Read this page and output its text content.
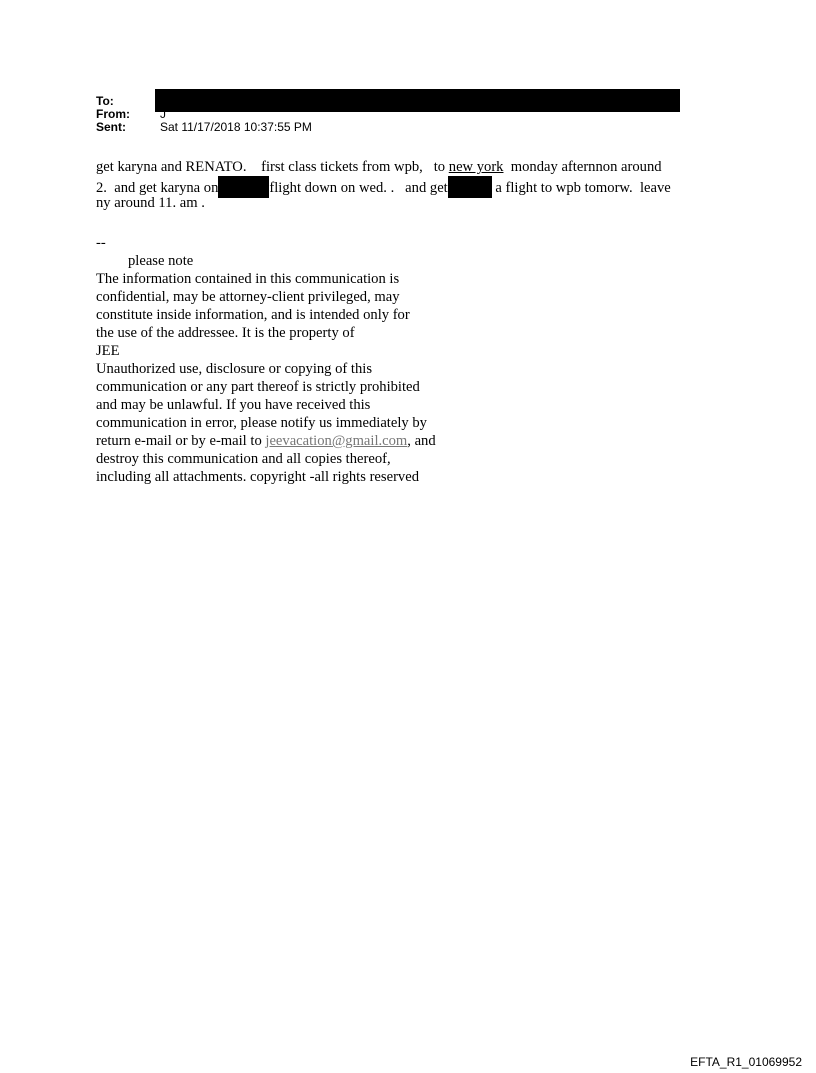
To:
From:	J
Sent:	Sat 11/17/2018 10:37:55 PM
get karyna and RENATO.    first class tickets from wpb,   to new york  monday afternnon around
2.  and get karyna on	flight down on wed. .   and get	a flight to wpb tomorw.  leave
ny around 11. am .
--
please note
The information contained in this communication is
confidential, may be attorney-client privileged, may
constitute inside information, and is intended only for
the use of the addressee. It is the property of
JEE
Unauthorized use, disclosure or copying of this
communication or any part thereof is strictly prohibited
and may be unlawful. If you have received this
communication in error, please notify us immediately by
return e-mail or by e-mail to jeevacation@gmail.com, and
destroy this communication and all copies thereof,
including all attachments. copyright -all rights reserved
EFTA_R1_01069952
